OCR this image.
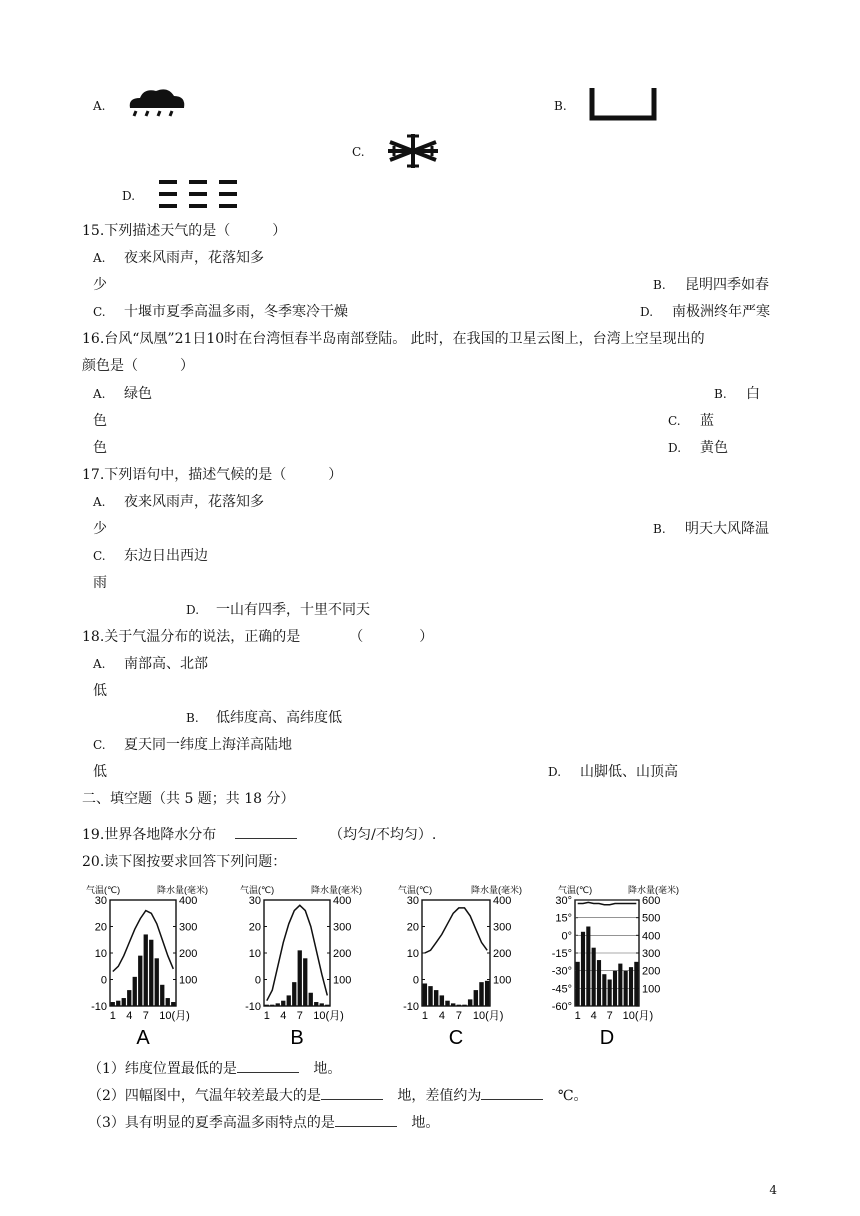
A.	B.
C.
D.
15.下列描述天气的是（　　　）
A. 夜来风雨声，花落知多
少	B. 昆明四季如春
C. 十堰市夏季高温多雨，冬季寒冷干燥	D. 南极洲终年严寒
16.台风“凤凰”21日10时在台湾恒春半岛南部登陆。 此时，在我国的卫星云图上，台湾上空呈现出的
颜色是（　　　）
A. 绿色	B. 白
色	C. 蓝
色	D. 黄色
17.下列语句中，描述气候的是（　　　）
A. 夜来风雨声，花落知多
少	B. 明天大风降温
C. 东边日出西边
雨
D. 一山有四季，十里不同天
18.关于气温分布的说法，正确的是　　　　（　　　　）
A. 南部高、北部
低
B. 低纬度高、高纬度低
C. 夏天同一纬度上海洋高陆地
低	D. 山脚低、山顶高
二、填空题（共 5 题；共 18 分）
19.世界各地降水分布	（均匀/不均匀）.
20.读下图按要求回答下列问题：
气温(℃)	降水量(毫米)
30
20
10
0
-10
400
300
200
100
1 4 7 10(月)
A
气温(℃)	降水量(毫米)
30
20
10
0
-10
400
300
200
100
1 4 7 10(月)
B
气温(℃)	降水量(毫米)
30
20
10
0
-10
400
300
200
100
1 4 7 10(月)
C
气温(℃)	降水量(毫米)
30°
15°
0°
-15°
-30°
-45°
-60°
600
500
400
300
200
100
1 4 7 10(月)
D
（1）纬度位置最低的是	地。
（2）四幅图中，气温年较差最大的是	地，差值约为	℃。
（3）具有明显的夏季高温多雨特点的是	地。
4
